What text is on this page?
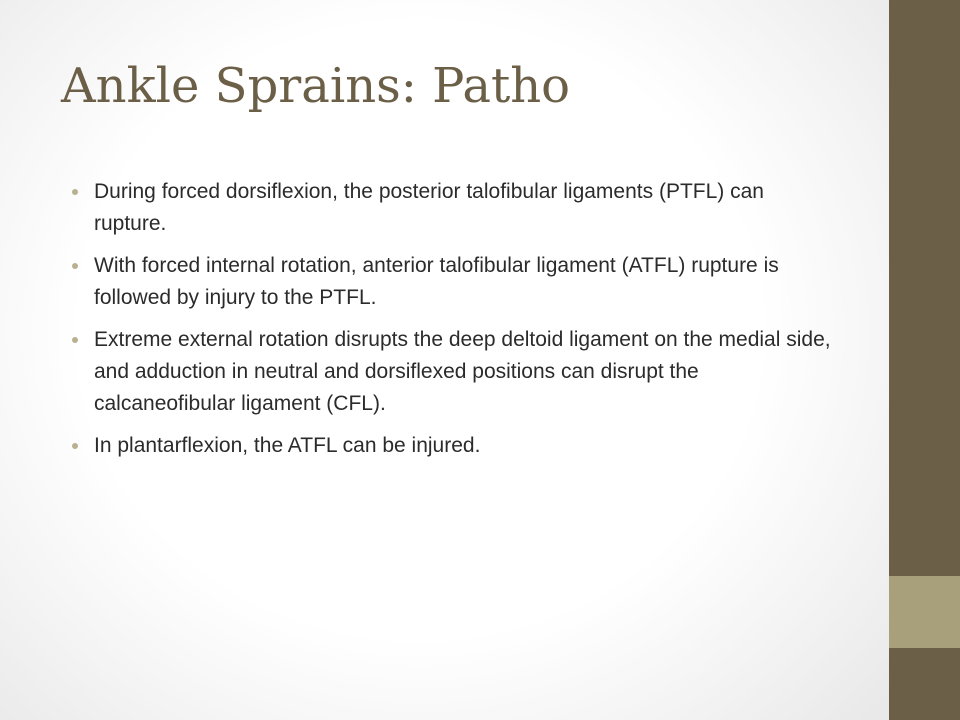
Ankle Sprains: Patho
During forced dorsiflexion, the posterior talofibular ligaments (PTFL) can rupture.
With forced internal rotation, anterior talofibular ligament (ATFL) rupture is followed by injury to the PTFL.
Extreme external rotation disrupts the deep deltoid ligament on the medial side, and adduction in neutral and dorsiflexed positions can disrupt the calcaneofibular ligament (CFL).
In plantarflexion, the ATFL can be injured.
